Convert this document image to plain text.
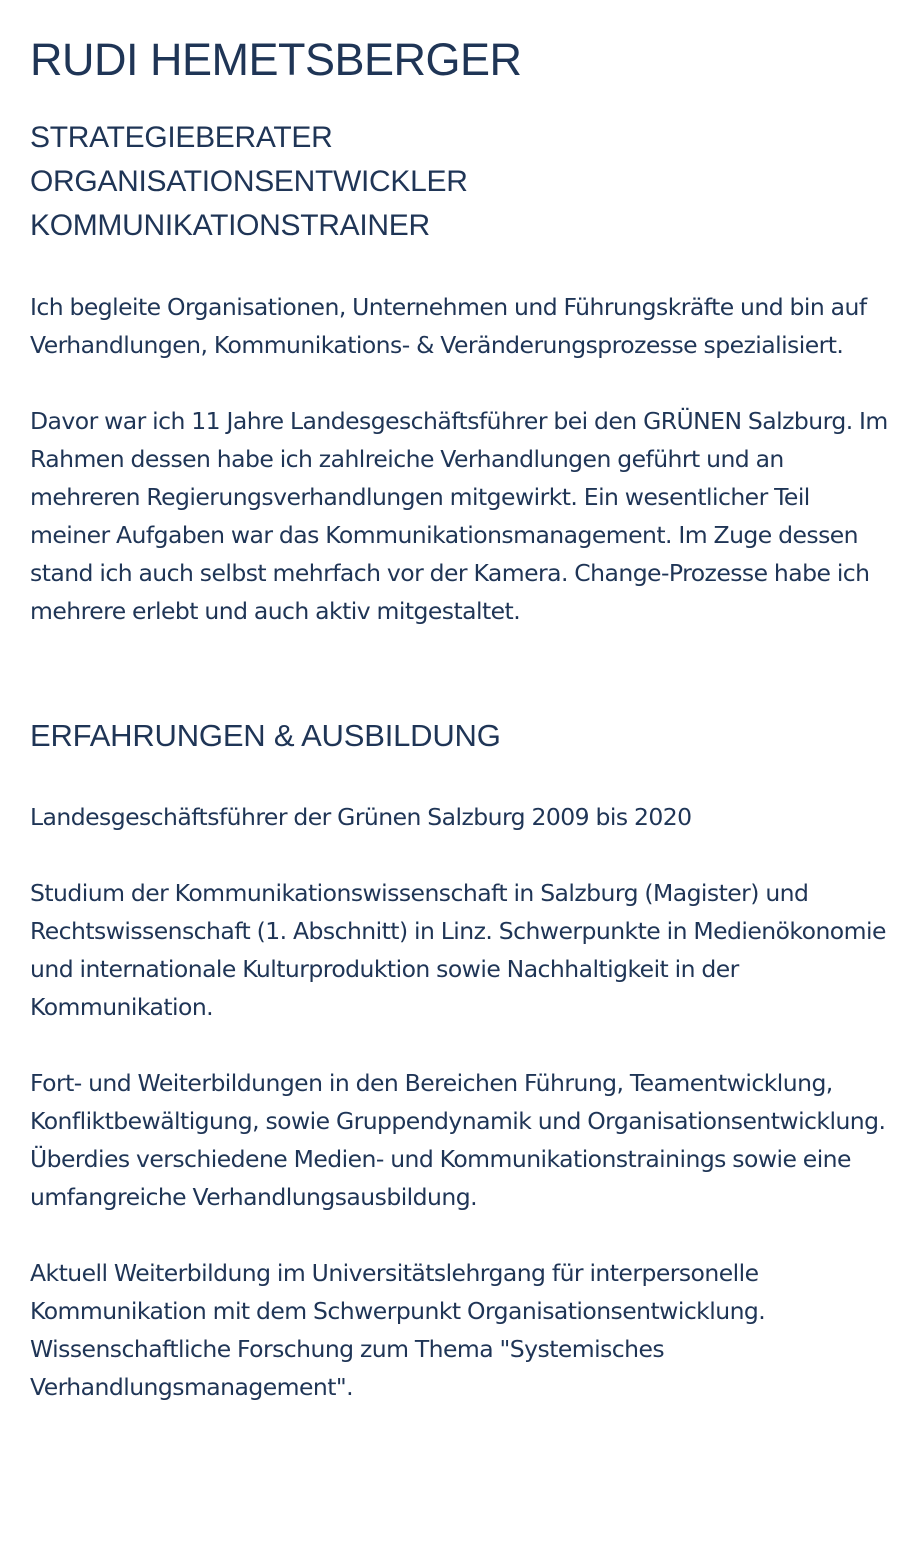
RUDI HEMETSBERGER
STRATEGIEBERATER
ORGANISATIONSENTWICKLER
KOMMUNIKATIONSTRAINER

Ich begleite Organisationen, Unternehmen und Führungskräfte und bin auf Verhandlungen, Kommunikations- & Veränderungsprozesse spezialisiert.

Davor war ich 11 Jahre Landesgeschäftsführer bei den GRÜNEN Salzburg. Im Rahmen dessen habe ich zahlreiche Verhandlungen geführt und an mehreren Regierungsverhandlungen mitgewirkt. Ein wesentlicher Teil meiner Aufgaben war das Kommunikationsmanagement. Im Zuge dessen stand ich auch selbst mehrfach vor der Kamera. Change-Prozesse habe ich mehrere erlebt und auch aktiv mitgestaltet.

ERFAHRUNGEN & AUSBILDUNG

Landesgeschäftsführer der Grünen Salzburg 2009 bis 2020

Studium der Kommunikationswissenschaft in Salzburg (Magister) und Rechtswissenschaft (1. Abschnitt) in Linz. Schwerpunkte in Medienökonomie und internationale Kulturproduktion sowie Nachhaltigkeit in der Kommunikation.

Fort- und Weiterbildungen in den Bereichen Führung, Teamentwicklung, Konfliktbewältigung, sowie Gruppendynamik und Organisationsentwicklung. Überdies verschiedene Medien- und Kommunikationstrainings sowie eine umfangreiche Verhandlungsausbildung.

Aktuell Weiterbildung im Universitätslehrgang für interpersonelle Kommunikation mit dem Schwerpunkt Organisationsentwicklung. Wissenschaftliche Forschung zum Thema "Systemisches Verhandlungsmanagement".
